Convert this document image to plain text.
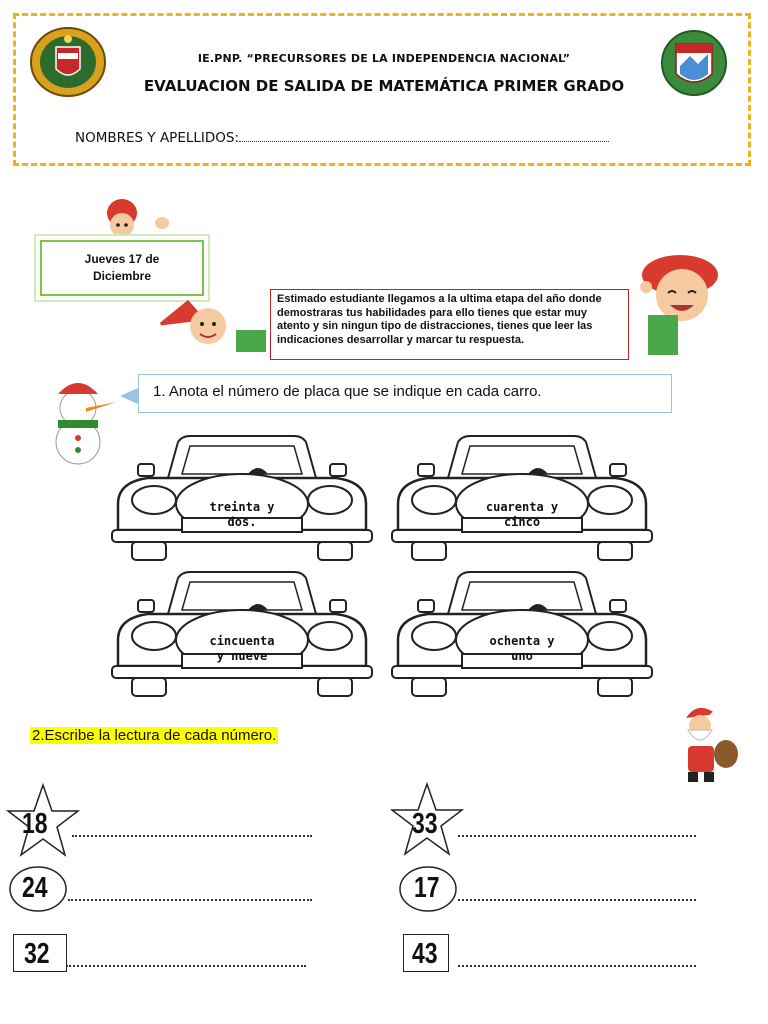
IE.PNP. “PRECURSORES DE LA INDEPENDENCIA NACIONAL”
EVALUACION DE SALIDA DE MATEMÁTICA PRIMER GRADO
NOMBRES Y APELLIDOS:
Jueves 17 de
Diciembre
Estimado estudiante llegamos a la ultima etapa del año donde demostraras tus habilidades para ello tienes que estar muy atento y sin ningun tipo de distracciones, tienes que leer las indicaciones desarrollar y marcar tu respuesta.
1. Anota el número de placa que se indique en cada carro.
treinta y
dos.
cuarenta y
cinco
cincuenta
y nueve
ochenta y
uno
2.Escribe la lectura de cada número.
18	33
24	17
32	43
